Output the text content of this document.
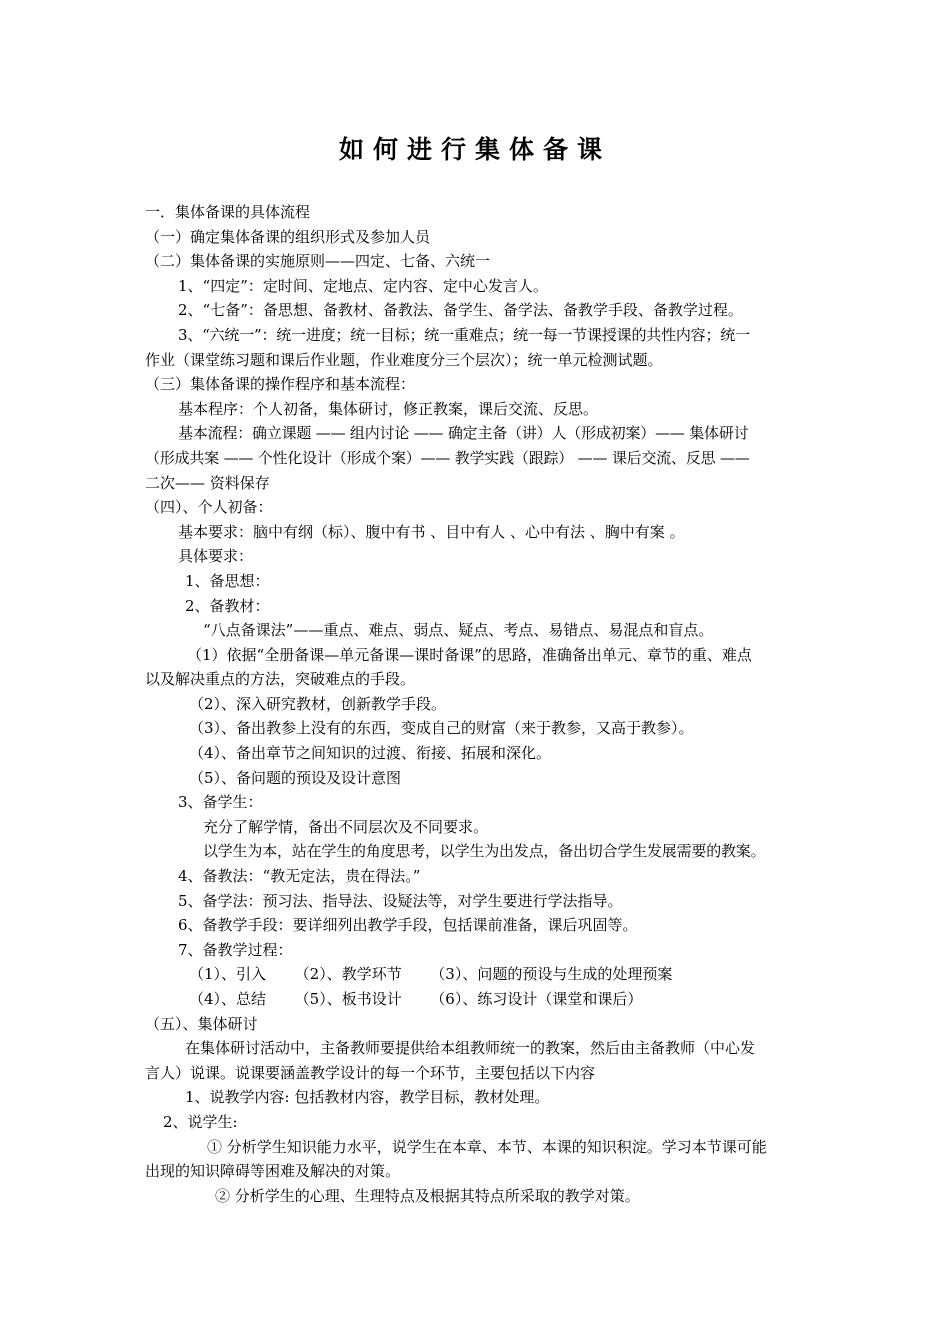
如何进行集体备课
一．集体备课的具体流程
（一）确定集体备课的组织形式及参加人员
（二）集体备课的实施原则——四定、七备、六统一
1、“四定”：定时间、定地点、定内容、定中心发言人。
2、“七备”：备思想、备教材、备教法、备学生、备学法、备教学手段、备教学过程。
3、“六统一”：统一进度；统一目标；统一重难点；统一每一节课授课的共性内容；统一
作业（课堂练习题和课后作业题，作业难度分三个层次）；统一单元检测试题。
（三）集体备课的操作程序和基本流程：
基本程序：个人初备，集体研讨，修正教案，课后交流、反思。
基本流程：确立课题 —— 组内讨论 —— 确定主备（讲）人（形成初案）—— 集体研讨
（形成共案 —— 个性化设计（形成个案）—— 教学实践（跟踪） —— 课后交流、反思 ——
二次—— 资料保存
（四）、个人初备：
基本要求：脑中有纲（标）、腹中有书 、目中有人 、心中有法 、胸中有案 。
具体要求：
1、备思想：
2、备教材：
“八点备课法”——重点、难点、弱点、疑点、考点、易错点、易混点和盲点。
（1）依据“全册备课—单元备课—课时备课”的思路，准确备出单元、章节的重、难点
以及解决重点的方法，突破难点的手段。
（2）、深入研究教材，创新教学手段。
（3）、备出教参上没有的东西，变成自己的财富（来于教参，又高于教参）。
（4）、备出章节之间知识的过渡、衔接、拓展和深化。
（5）、备问题的预设及设计意图
3、备学生：
充分了解学情，备出不同层次及不同要求。
以学生为本，站在学生的角度思考，以学生为出发点，备出切合学生发展需要的教案。
4、备教法：“教无定法，贵在得法。”
5、备学法：预习法、指导法、设疑法等，对学生要进行学法指导。
6、备教学手段：要详细列出教学手段，包括课前准备，课后巩固等。
7、备教学过程：
（1）、引入      （2）、教学环节      （3）、问题的预设与生成的处理预案
（4）、总结      （5）、板书设计      （6）、练习设计（课堂和课后）
（五）、集体研讨
在集体研讨活动中，主备教师要提供给本组教师统一的教案，然后由主备教师（中心发
言人）说课。说课要涵盖教学设计的每一个环节，主要包括以下内容
1、说教学内容: 包括教材内容，教学目标，教材处理。
2、说学生:
① 分析学生知识能力水平，说学生在本章、本节、本课的知识积淀。学习本节课可能
出现的知识障碍等困难及解决的对策。
② 分析学生的心理、生理特点及根据其特点所采取的教学对策。
